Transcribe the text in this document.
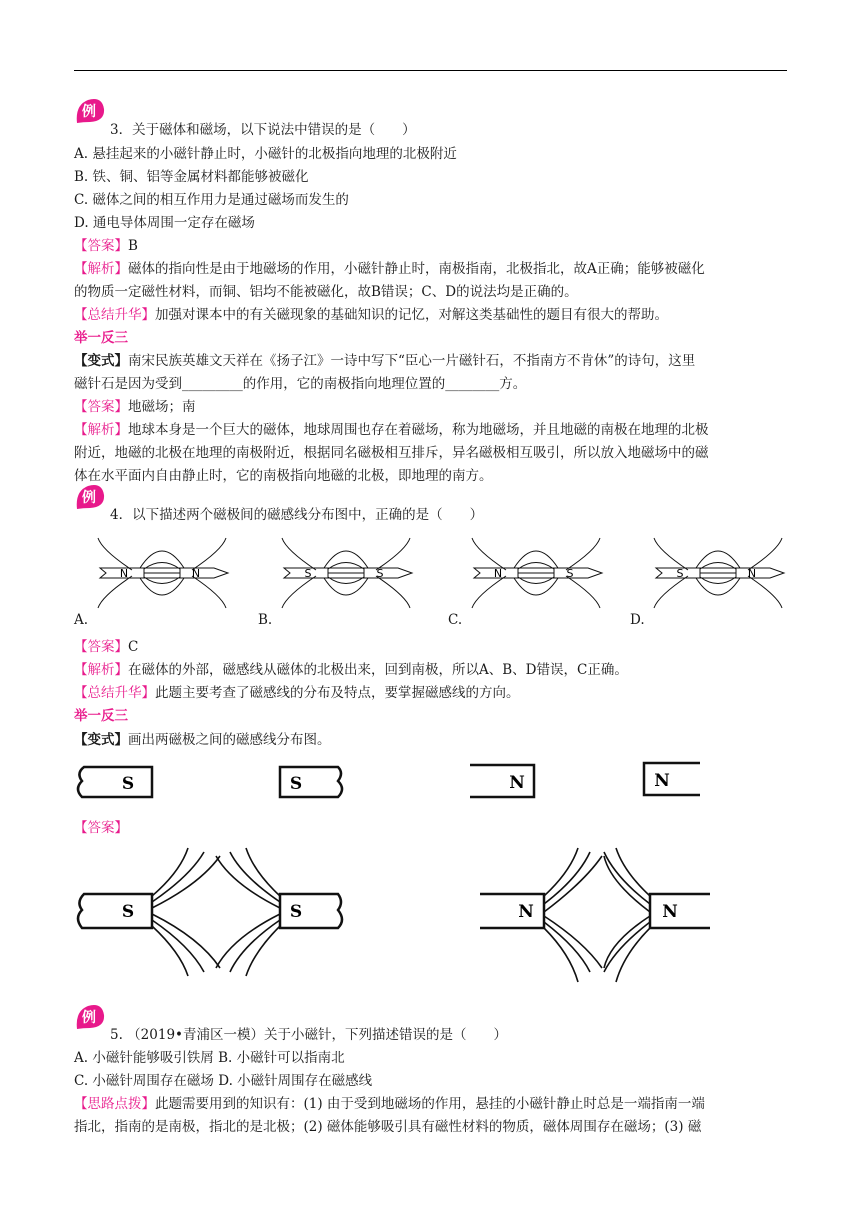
例
3．关于磁体和磁场，以下说法中错误的是（　　）
A. 悬挂起来的小磁针静止时，小磁针的北极指向地理的北极附近
B. 铁、铜、铝等金属材料都能够被磁化
C. 磁体之间的相互作用力是通过磁场而发生的
D. 通电导体周围一定存在磁场
【答案】B
【解析】磁体的指向性是由于地磁场的作用，小磁针静止时，南极指南，北极指北，故A正确；能够被磁化
的物质一定磁性材料，而铜、铝均不能被磁化，故B错误；C、D的说法均是正确的。
【总结升华】加强对课本中的有关磁现象的基础知识的记忆，对解这类基础性的题目有很大的帮助。
举一反三
【变式】南宋民族英雄文天祥在《扬子江》一诗中写下“臣心一片磁针石，不指南方不肯休”的诗句，这里
磁针石是因为受到_________的作用，它的南极指向地理位置的________方。
【答案】地磁场；南
【解析】地球本身是一个巨大的磁体，地球周围也存在着磁场，称为地磁场，并且地磁的南极在地理的北极
附近，地磁的北极在地理的南极附近，根据同名磁极相互排斥，异名磁极相互吸引，所以放入地磁场中的磁
体在水平面内自由静止时，它的南极指向地磁的北极，即地理的南方。
例
4．以下描述两个磁极间的磁感线分布图中，正确的是（　　）
N	N	S	S	N	S	S	N
A.	B.	C.	D.
【答案】C
【解析】在磁体的外部，磁感线从磁体的北极出来，回到南极，所以A、B、D错误，C正确。
【总结升华】此题主要考查了磁感线的分布及特点，要掌握磁感线的方向。
举一反三
【变式】画出两磁极之间的磁感线分布图。
S	S	N	N
【答案】
S	S	N	N
例
5. （2019•青浦区一模）关于小磁针，下列描述错误的是（　　）
A. 小磁针能够吸引铁屑 B. 小磁针可以指南北
C. 小磁针周围存在磁场 D. 小磁针周围存在磁感线
【思路点拨】此题需要用到的知识有：(1) 由于受到地磁场的作用，悬挂的小磁针静止时总是一端指南一端
指北，指南的是南极，指北的是北极；(2) 磁体能够吸引具有磁性材料的物质，磁体周围存在磁场；(3) 磁
